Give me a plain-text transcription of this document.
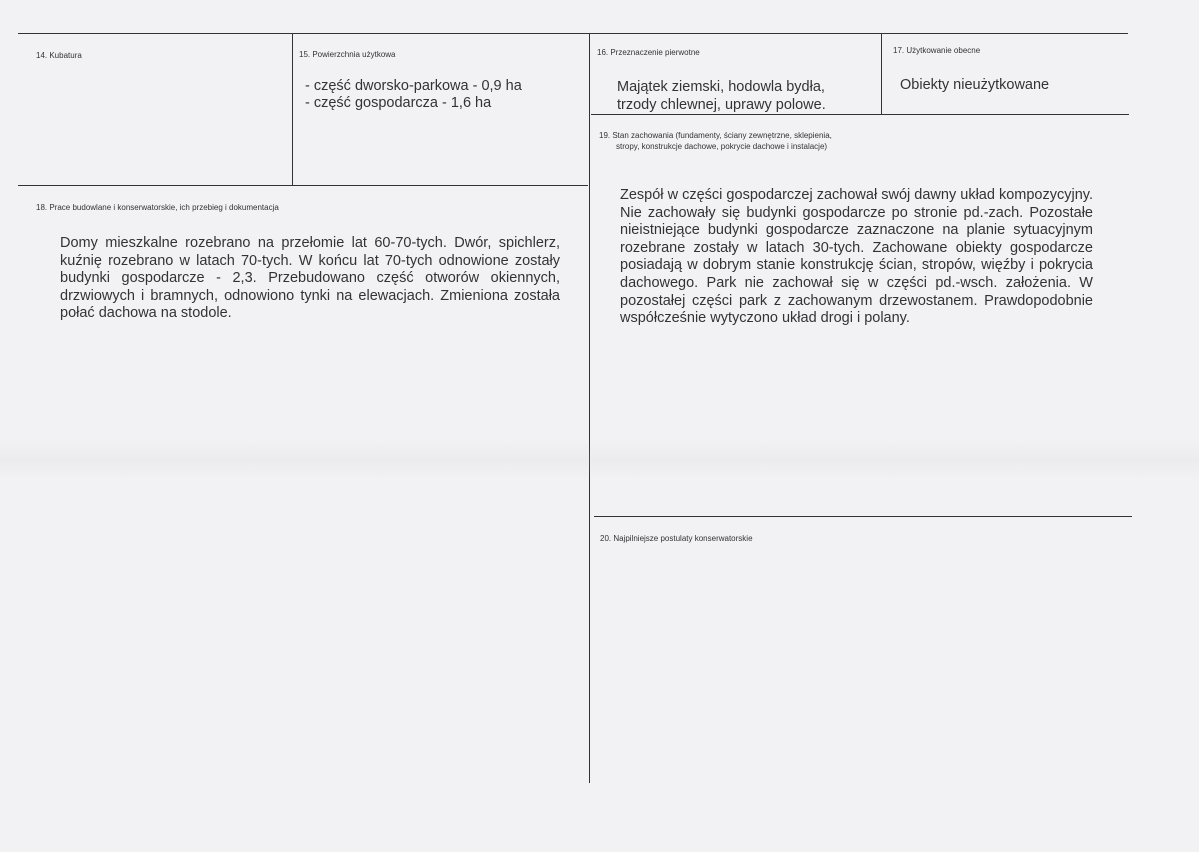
14. Kubatura	15. Powierzchnia użytkowa
- część dworsko-parkowa - 0,9 ha
- część gospodarcza - 1,6 ha
16. Przeznaczenie pierwotne
Majątek ziemski, hodowla bydła,
trzody chlewnej, uprawy polowe.
17. Użytkowanie obecne
Obiekty nieużytkowane
18. Prace budowlane i konserwatorskie, ich przebieg i dokumentacja
Domy mieszkalne rozebrano na przełomie lat 60-70-tych. Dwór, spichlerz, kuźnię rozebrano w latach 70-tych. W końcu lat 70-tych odnowione zostały budynki gospodarcze - 2,3. Przebudowano część otworów okiennych, drzwiowych i bramnych, odnowiono tynki na elewacjach. Zmieniona została połać dachowa na stodole.
19. Stan zachowania (fundamenty, ściany zewnętrzne, sklepienia,
stropy, konstrukcje dachowe, pokrycie dachowe i instalacje)
Zespół w części gospodarczej zachował swój dawny układ kompozycyjny. Nie zachowały się budynki gospodarcze po stronie pd.-zach. Pozostałe nieistniejące budynki gospodarcze zaznaczone na planie sytuacyjnym rozebrane zostały w latach 30-tych. Zachowane obiekty gospodarcze posiadają w dobrym stanie konstrukcję ścian, stropów, więźby i pokrycia dachowego. Park nie zachował się w części pd.-wsch. założenia. W pozostałej części park z zachowanym drzewostanem. Prawdopodobnie współcześnie wytyczono układ drogi i polany.
20. Najpilniejsze postulaty konserwatorskie
